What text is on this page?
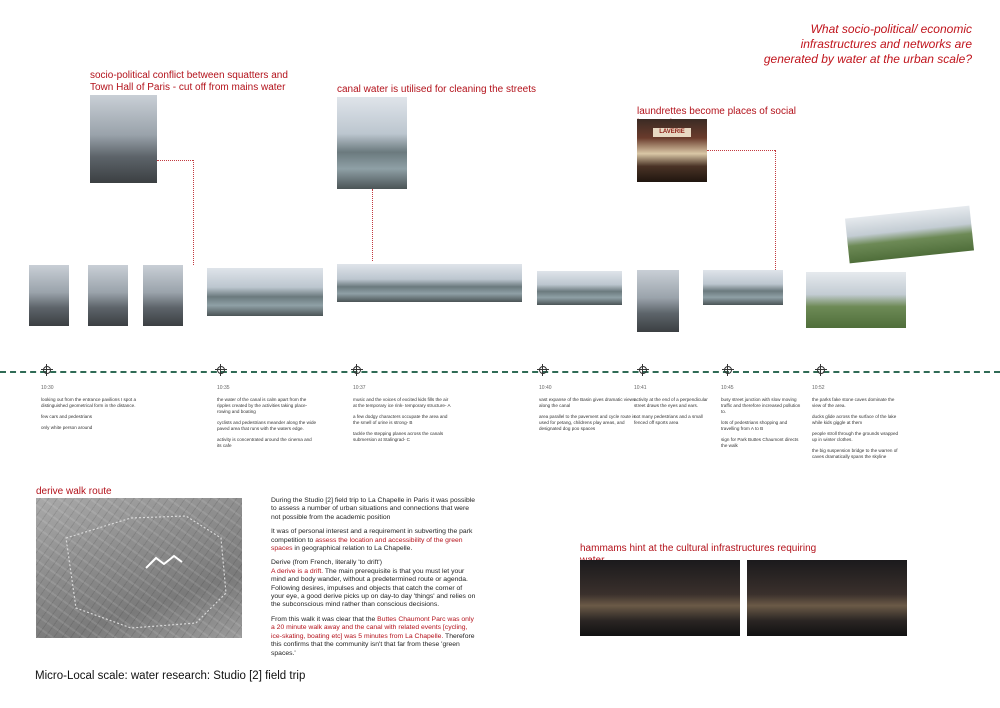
What socio-political/ economic infrastructures and networks are generated by water at the urban scale?
socio-political conflict between squatters and Town Hall of Paris - cut off from mains water	canal water is utilised for cleaning the streets
laundrettes become places of social
LAVERIE
10:30

looking out from the entrance pavilions I spot a distinguished geometrical form in the distance.

few cars and pedestrians

only white person around

10:35

the water of the canal is calm apart from the ripples created by the activities taking place- rowing and boating

cyclists and pedestrians meander along the wide paved area that runs with the waters edge.

activity is concentrated around the cinema and its cafe

10:37

music and the voices of excited kids fills the air at the temporary ice rink- temporary structure- A

a few dodgy characters occupate the area and the smell of urine is strong- B

tackle the stepping planes across the canals submersion at Stalingrad- C

10:40

vast expanse of the Basin gives dramatic views along the canal

area parallel to the pavement and cycle route is used for petang, childrens play areas, and designated dog poo spaces

10:41

activity at the end of a perpendicular street draws the eyes and ears.

not many pedestrians and a small fenced off sports area

10:45

busy street junction with slow moving traffic and therefore increased pollution to.

lots of pedestrians shopping and travelling from A to B

sign for Park Buttes Chaumont directs the walk

10:52

the parks fake stone caves dominate the view of the area.

ducks glide across the surface of the lake while kids giggle at them

people stroll through the grounds wrapped up in winter clothes.

the big suspension bridge to the warren of caves dramatically spans the skyline

derive walk route

During the Studio [2] field trip to La Chapelle in Paris it was possible to assess a number of urban situations and connections that were not possible from the academic position

It was of personal interest and a requirement in subverting the park competition to assess the location and accessibility of the green spaces in geographical relation to La Chapelle.

Derive (from French, literally 'to drift')
A derive is a drift. The main prerequisite is that you must let your mind and body wander, without a predetermined route or agenda. Following desires, impulses and objects that catch the corner of your eye, a good derive picks up on day-to day 'things' and relies on the subconscious mind rather than conscious decisions.

From this walk it was clear that the Buttes Chaumont Parc was only a 20 minute walk away and the canal with related events [cycling, ice-skating, boating etc] was 5 minutes from La Chapelle. Therefore this confirms that the community isn't that far from these 'green spaces.'

hammams hint at the cultural infrastructures requiring
Micro-Local scale: water research: Studio [2] field trip
